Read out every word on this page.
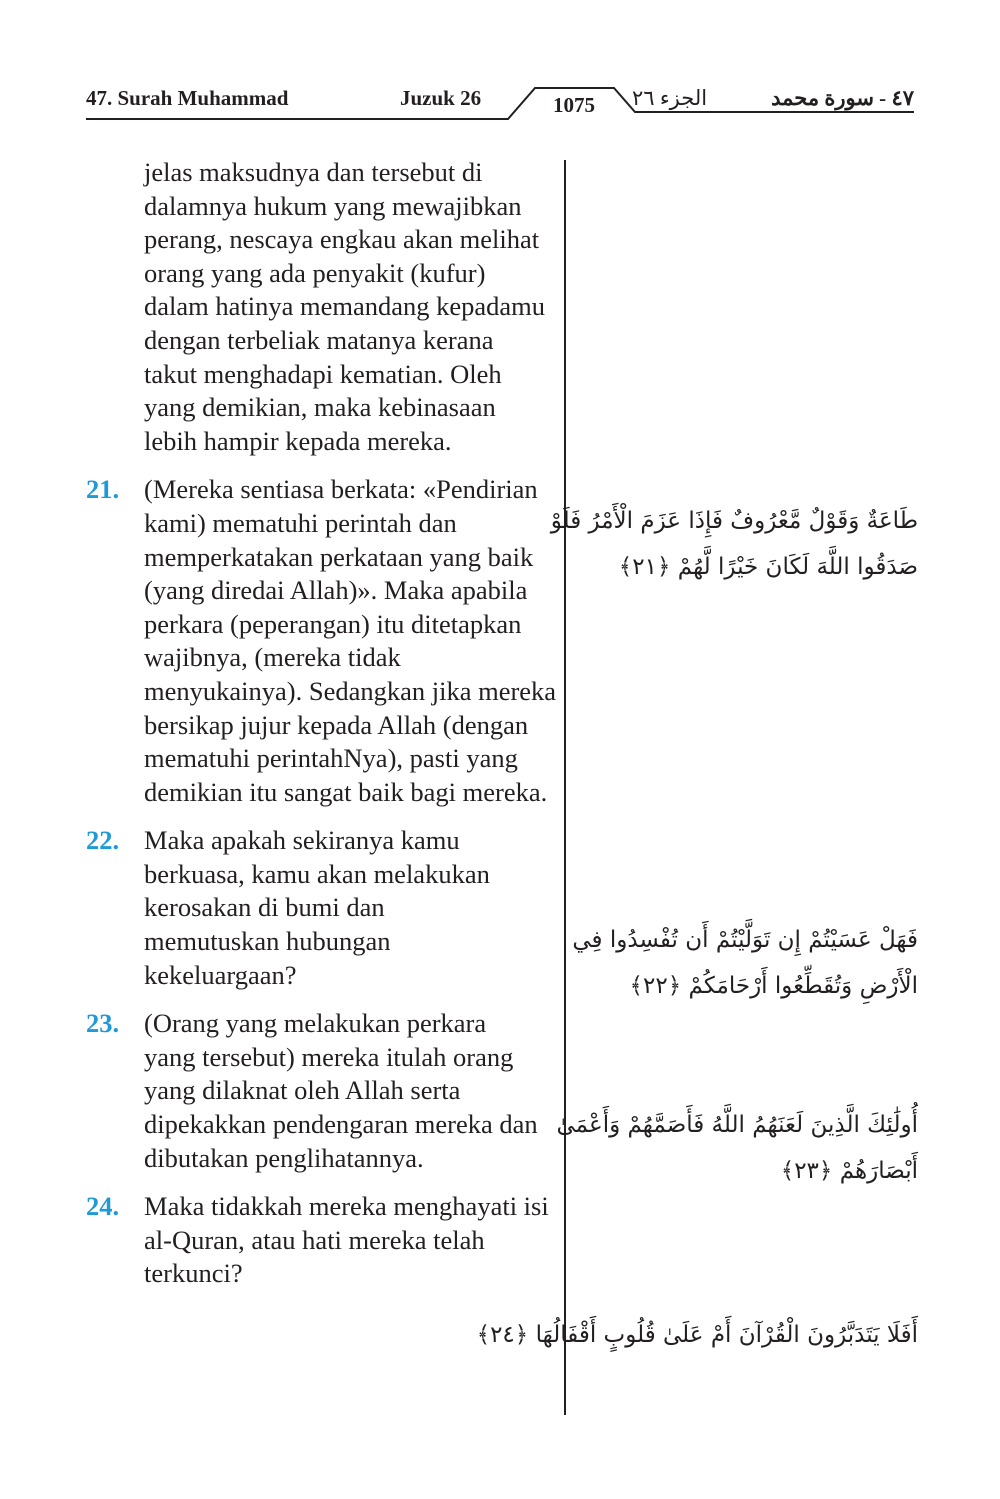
47. Surah Muhammad	Juzuk 26	1075	الجزء ٢٦	٤٧ - سورة محمد

jelas maksudnya dan tersebut di dalamnya hukum yang mewajibkan perang, nescaya engkau akan melihat orang yang ada penyakit (kufur) dalam hatinya memandang kepadamu dengan terbeliak matanya kerana takut menghadapi kematian. Oleh yang demikian, maka kebinasaan lebih hampir kepada mereka.

21. (Mereka sentiasa berkata: «Pendirian kami) mematuhi perintah dan memperkatakan perkataan yang baik (yang diredai Allah)». Maka apabila perkara (peperangan) itu ditetapkan wajibnya, (mereka tidak menyukainya). Sedangkan jika mereka bersikap jujur kepada Allah (dengan mematuhi perintahNya), pasti yang demikian itu sangat baik bagi mereka.

22. Maka apakah sekiranya kamu berkuasa, kamu akan melakukan kerosakan di bumi dan memutuskan hubungan kekeluargaan?

23. (Orang yang melakukan perkara yang tersebut) mereka itulah orang yang dilaknat oleh Allah serta dipekakkan pendengaran mereka dan dibutakan penglihatannya.

24. Maka tidakkah mereka menghayati isi al-Quran, atau hati mereka telah terkunci?

طَاعَةٌ وَقَوْلٌ مَّعْرُوفٌ فَإِذَا عَزَمَ الْأَمْرُ فَلَوْ
صَدَقُوا اللَّهَ لَكَانَ خَيْرًا لَّهُمْ ﴿٢١﴾
فَهَلْ عَسَيْتُمْ إِن تَوَلَّيْتُمْ أَن تُفْسِدُوا فِي
الْأَرْضِ وَتُقَطِّعُوا أَرْحَامَكُمْ ﴿٢٢﴾
أُولَٰئِكَ الَّذِينَ لَعَنَهُمُ اللَّهُ فَأَصَمَّهُمْ وَأَعْمَىٰ
أَبْصَارَهُمْ ﴿٢٣﴾
أَفَلَا يَتَدَبَّرُونَ الْقُرْآنَ أَمْ عَلَىٰ قُلُوبٍ أَقْفَالُهَا ﴿٢٤﴾
